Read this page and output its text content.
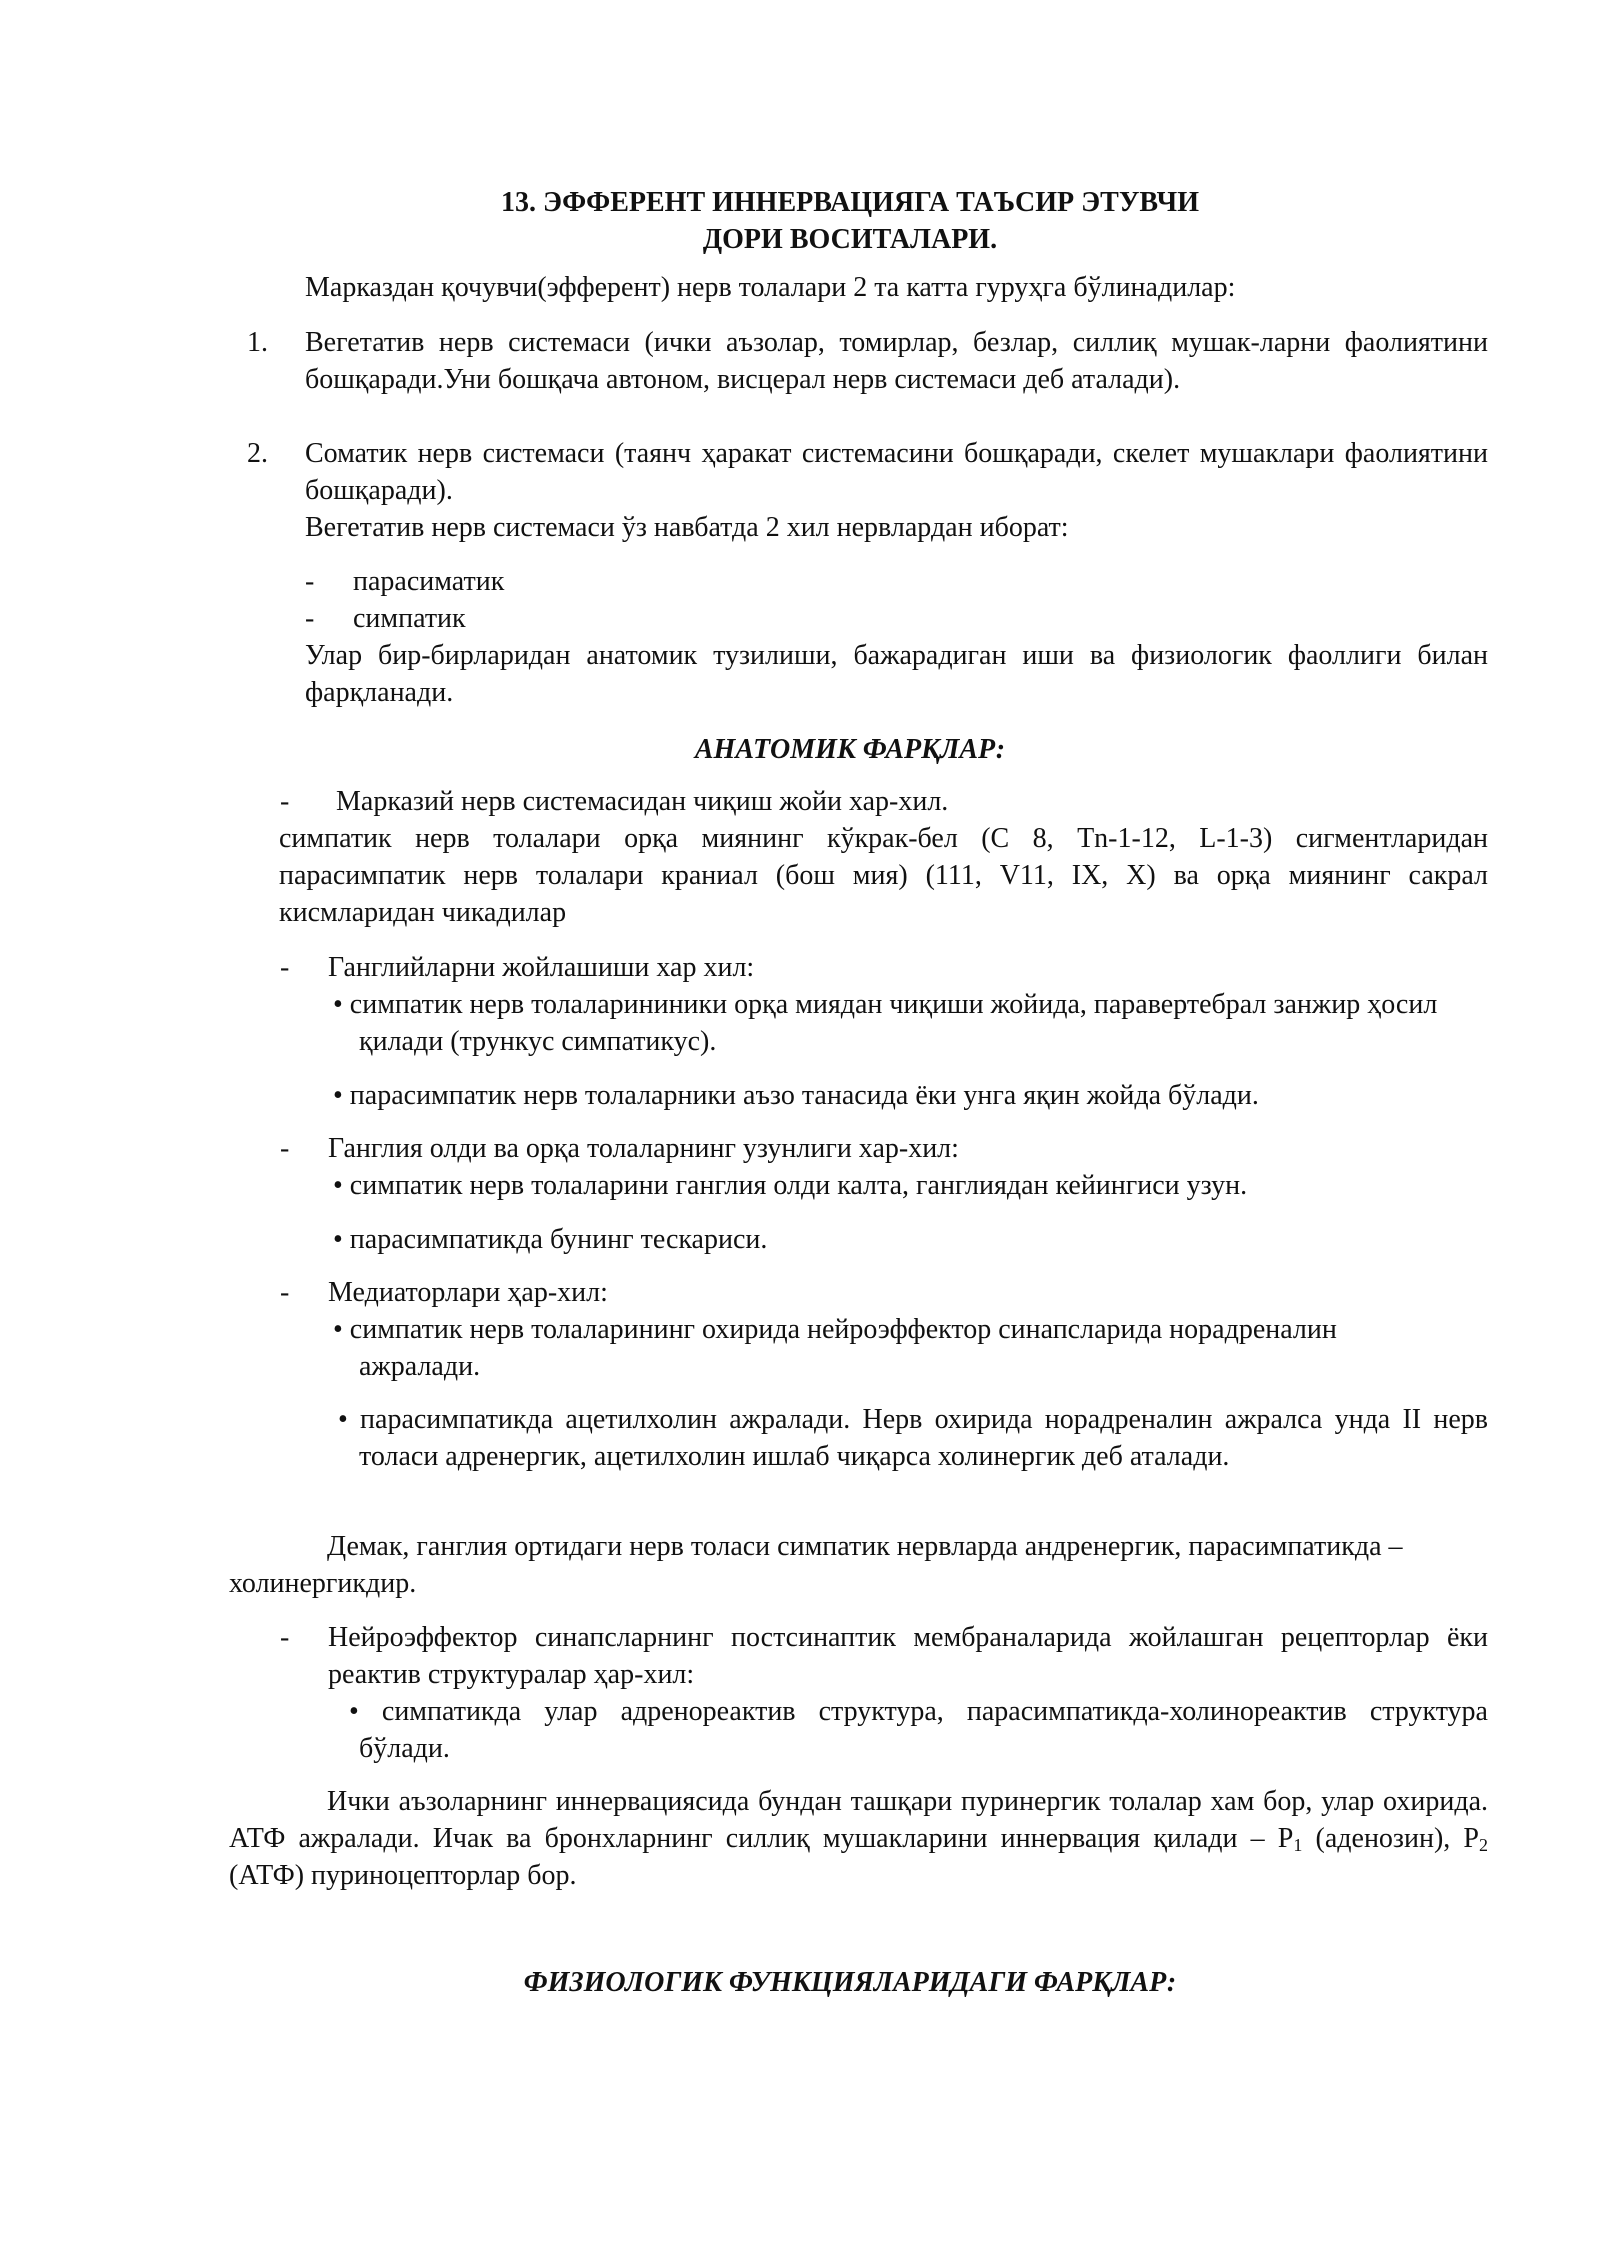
13. ЭФФЕРЕНТ ИННЕРВАЦИЯГА ТАЪСИР ЭТУВЧИ
ДОРИ ВОСИТАЛАРИ.
Марказдан қочувчи(эфферент) нерв толалари 2 та катта гуруҳга бўлинадилар:
1. Вегетатив нерв системаси (ички аъзолар, томирлар, безлар, силлиқ мушак-ларни фаолиятини бошқаради.Уни бошқача автоном, висцерал нерв системаси деб аталади).
2. Соматик нерв системаси (таянч ҳаракат системасини бошқаради, скелет мушаклари фаолиятини бошқаради).
Вегетатив нерв системаси ўз навбатда 2 хил нервлардан иборат:
- парасиматик
- симпатик
Улар бир-бирларидан анатомик тузилиши, бажарадиган иши ва физиологик фаоллиги билан фарқланади.
АНАТОМИК ФАРҚЛАР:
- Марказий нерв системасидан чиқиш жойи хар-хил.
симпатик нерв толалари орқа миянинг кўкрак-бел (С 8, Тn-1-12, L-1-3) сигментларидан парасимпатик нерв толалари краниал (бош мия) (111, V11, IX, X) ва орқа миянинг сакрал кисмларидан чикадилар
- Ганглийларни жойлашиши хар хил:
• симпатик нерв толаларининики орқа миядан чиқиши жойида, паравертебрал занжир ҳосил қилади (трункус симпатикус).
• парасимпатик нерв толаларники аъзо танасида ёки унга яқин жойда бўлади.
- Ганглия олди ва орқа толаларнинг узунлиги хар-хил:
• симпатик нерв толаларини ганглия олди калта, ганглиядан кейингиси узун.
• парасимпатикда бунинг тескариси.
- Медиаторлари ҳар-хил:
• симпатик нерв толаларининг охирида нейроэффектор синапсларида норадреналин ажралади.
• парасимпатикда ацетилхолин ажралади. Нерв охирида норадреналин ажралса унда II нерв толаси адренергик, ацетилхолин ишлаб чиқарса холинергик деб аталади.
Демак, ганглия ортидаги нерв толаси симпатик нервларда андренергик, парасимпатикда – холинергикдир.
- Нейроэффектор синапсларнинг постсинаптик мембраналарида жойлашган рецепторлар ёки реактив структуралар ҳар-хил:
• симпатикда улар адренореактив структура, парасимпатикда-холинореактив структура бўлади.
Ички аъзоларнинг иннервациясида бундан ташқари пуринергик толалар хам бор, улар охирида. АТФ ажралади. Ичак ва бронхларнинг силлиқ мушакларини иннервация қилади – $Р_1$ (аденозин), $Р_2$ (АТФ) пуриноцепторлар бор.
ФИЗИОЛОГИК ФУНКЦИЯЛАРИДАГИ ФАРҚЛАР:
